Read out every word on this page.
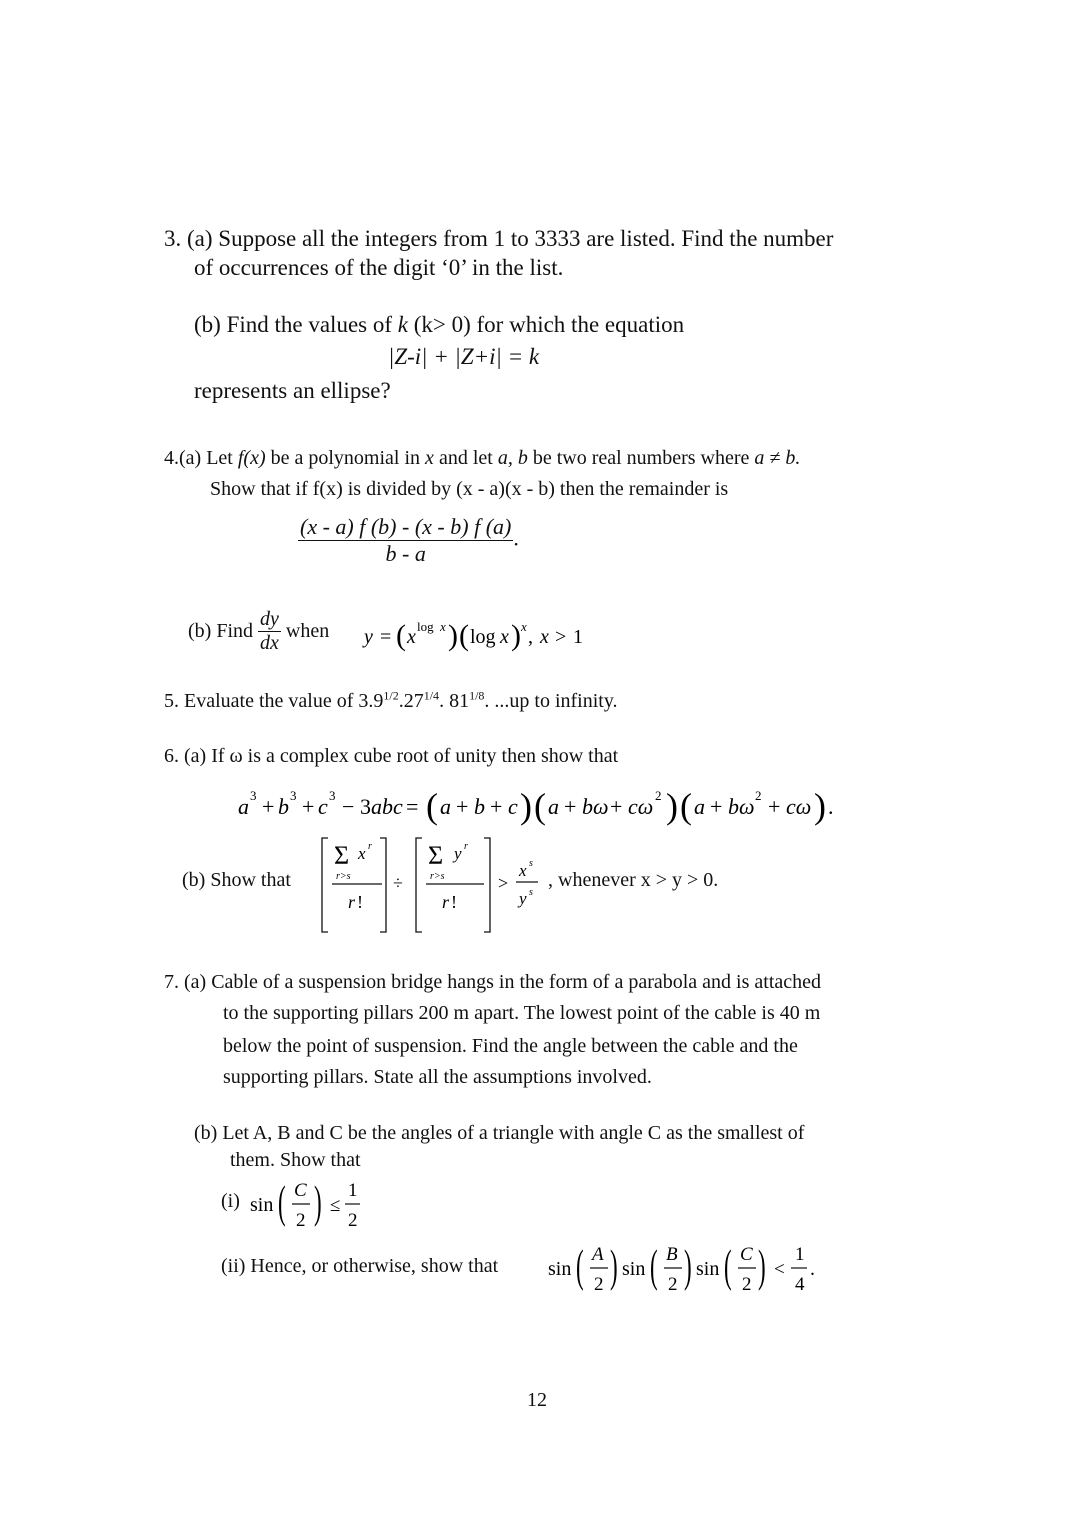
3. (a) Suppose all the integers from 1 to 3333 are listed. Find the number
of occurrences of the digit ‘0’ in the list.
(b) Find the values of k (k> 0) for which the equation
|Z-i| + |Z+i| = k
represents an ellipse?
4.(a) Let f(x) be a polynomial in x and let a, b be two real numbers where a ≠ b.
Show that if f(x) is divided by (x - a)(x - b) then the remainder is
$\frac{(x - a) f (b) - (x - b) f (a)}{b - a}$ .
(b) Find $\frac{dy}{dx}$ when y = ( x log x ) ( log x ) x , x > 1
5. Evaluate the value of $3.9^{1/2}.27^{1/4}$. $81^{1/8}$. ...up to infinity.
6. (a) If ω is a complex cube root of unity then show that
a 3 + b 3 + c 3 − 3 abc = ( a + b + c ) ( a + bω + cω 2 ) ( a + bω 2 + cω ) .
(b) Show that
Σ x r
r>s
r !
÷
Σ y r
r>s
r !
>
x s
y s
, whenever x > y > 0.
7. (a) Cable of a suspension bridge hangs in the form of a parabola and is attached
to the supporting pillars 200 m apart. The lowest point of the cable is 40 m
below the point of suspension. Find the angle between the cable and the
supporting pillars. State all the assumptions involved.
(b) Let A, B and C be the angles of a triangle with angle C as the smallest of
them. Show that
(i) sin ( C
2 ) ≤
1
2
(ii) Hence, or otherwise, show that sin ( A
2 ) sin ( B
2 ) sin ( C
2 ) <
1
4
.
12
